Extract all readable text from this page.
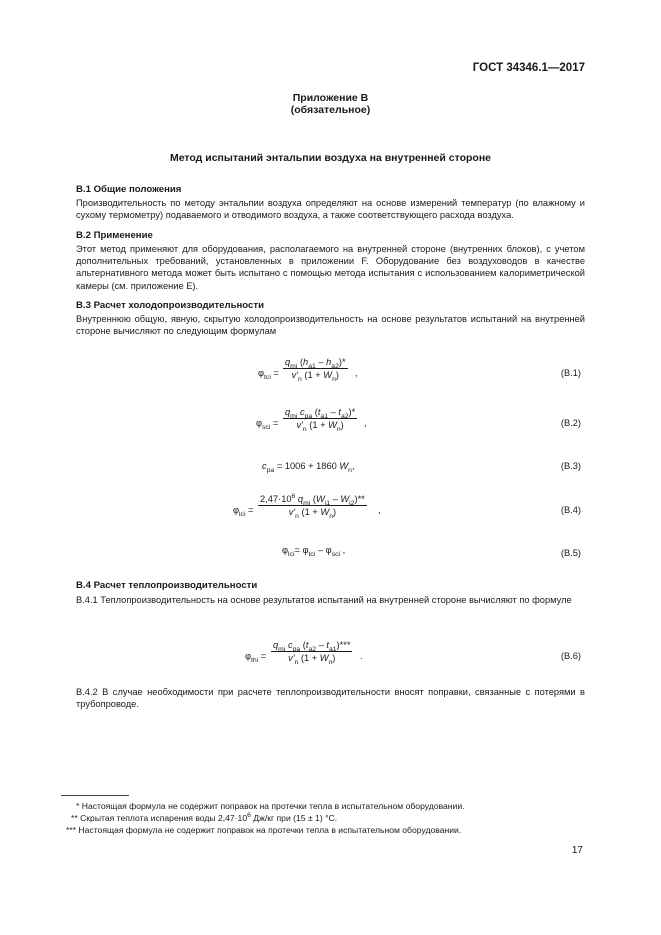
ГОСТ 34346.1—2017
Приложение В
(обязательное)
Метод испытаний энтальпии воздуха на внутренней стороне
В.1 Общие положения
Производительность по методу энтальпии воздуха определяют на основе измерений температур (по влажному и сухому термометру) подаваемого и отводимого воздуха, а также соответствующего расхода воздуха.
В.2 Применение
Этот метод применяют для оборудования, располагаемого на внутренней стороне (внутренних блоков), с учетом дополнительных требований, установленных в приложении F. Оборудование без воздуховодов в качестве альтернативного метода может быть испытано с помощью метода испытания с использованием калориметрической камеры (см. приложение Е).
В.3 Расчет холодопроизводительности
Внутреннюю общую, явную, скрытую холодопроизводительность на основе результатов испытаний на внутренней стороне вычисляют по следующим формулам
$\varphi_{tci}$ =
$q_{mi}$ $(h_{a1} - h_{a2})*$
$v'_n$ $(1 + W_n)$	,	(В.1)
$\varphi_{sci}$ =
$q_{mi}$ $c_{pa}$ $(t_{a1} - t_{a2})*$
$v'_n$ $(1 + W_n)$	,	(В.2)
$c_{pa} = 1006 + 1860$ $W_n$,	(В.3)
$\varphi_{lci}$ =
$2,47\cdot 10^6$ $q_{mi}$ $(W_{i1} - W_{i2})**$
$v'_n$ $(1 + W_n)$	,	(В.4)
$\varphi_{lci}= \varphi_{tci} - \varphi_{sci}$ ,	(В.5)
В.4 Расчет теплопроизводительности
В.4.1 Теплопроизводительность на основе результатов испытаний на внутренней стороне вычисляют по формуле
$\varphi_{thi}$ =
$q_{mi}$ $c_{pa}$ $(t_{a2} - t_{a1})***$
$v'_n$ $(1 + W_n)$	.	(В.6)
В.4.2 В случае необходимости при расчете теплопроизводительности вносят поправки, связанные с потерями в трубопроводе.
* Настоящая формула не содержит поправок на протечки тепла в испытательном оборудовании.
** Скрытая теплота испарения воды $2,47\cdot 10^6$ Дж/кг при (15 ± 1) °С.
*** Настоящая формула не содержит поправок на протечки тепла в испытательном оборудовании.
17
